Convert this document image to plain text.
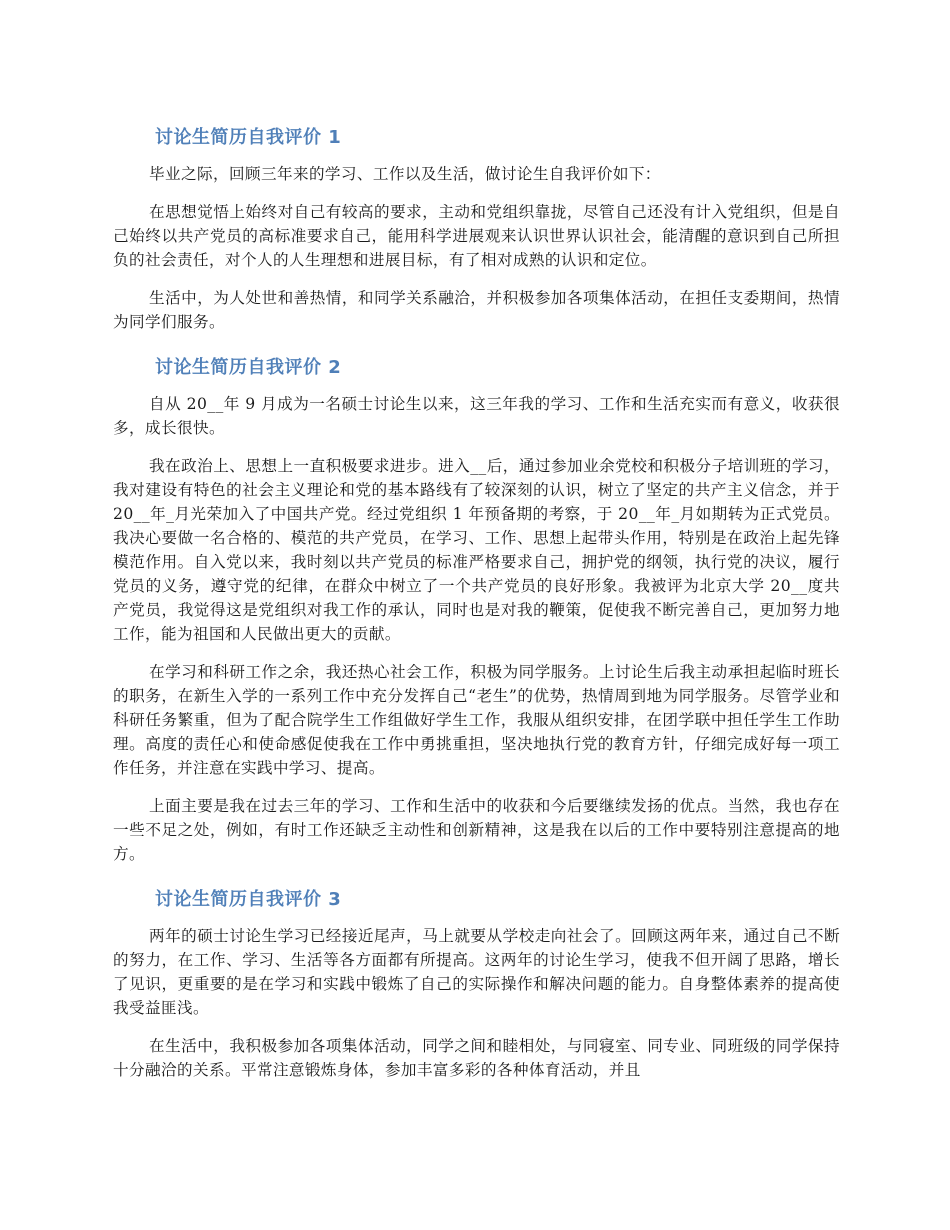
讨论生简历自我评价 1

毕业之际，回顾三年来的学习、工作以及生活，做讨论生自我评价如下：

在思想觉悟上始终对自己有较高的要求，主动和党组织靠拢，尽管自己还没有计入党组织，但是自己始终以共产党员的高标准要求自己，能用科学进展观来认识世界认识社会，能清醒的意识到自己所担负的社会责任，对个人的人生理想和进展目标，有了相对成熟的认识和定位。

生活中，为人处世和善热情，和同学关系融洽，并积极参加各项集体活动，在担任支委期间，热情为同学们服务。

讨论生简历自我评价 2

自从 20__年 9 月成为一名硕士讨论生以来，这三年我的学习、工作和生活充实而有意义，收获很多，成长很快。

我在政治上、思想上一直积极要求进步。进入__后，通过参加业余党校和积极分子培训班的学习，我对建设有特色的社会主义理论和党的基本路线有了较深刻的认识，树立了坚定的共产主义信念，并于 20__年_月光荣加入了中国共产党。经过党组织 1 年预备期的考察，于 20__年_月如期转为正式党员。我决心要做一名合格的、模范的共产党员，在学习、工作、思想上起带头作用，特别是在政治上起先锋模范作用。自入党以来，我时刻以共产党员的标准严格要求自己，拥护党的纲领，执行党的决议，履行党员的义务，遵守党的纪律，在群众中树立了一个共产党员的良好形象。我被评为北京大学 20__度共产党员，我觉得这是党组织对我工作的承认，同时也是对我的鞭策，促使我不断完善自己，更加努力地工作，能为祖国和人民做出更大的贡献。

在学习和科研工作之余，我还热心社会工作，积极为同学服务。上讨论生后我主动承担起临时班长的职务，在新生入学的一系列工作中充分发挥自己“老生”的优势，热情周到地为同学服务。尽管学业和科研任务繁重，但为了配合院学生工作组做好学生工作，我服从组织安排，在团学联中担任学生工作助理。高度的责任心和使命感促使我在工作中勇挑重担，坚决地执行党的教育方针，仔细完成好每一项工作任务，并注意在实践中学习、提高。

上面主要是我在过去三年的学习、工作和生活中的收获和今后要继续发扬的优点。当然，我也存在一些不足之处，例如，有时工作还缺乏主动性和创新精神，这是我在以后的工作中要特别注意提高的地方。

讨论生简历自我评价 3

两年的硕士讨论生学习已经接近尾声，马上就要从学校走向社会了。回顾这两年来，通过自己不断的努力，在工作、学习、生活等各方面都有所提高。这两年的讨论生学习，使我不但开阔了思路，增长了见识，更重要的是在学习和实践中锻炼了自己的实际操作和解决问题的能力。自身整体素养的提高使我受益匪浅。

在生活中，我积极参加各项集体活动，同学之间和睦相处，与同寝室、同专业、同班级的同学保持十分融洽的关系。平常注意锻炼身体，参加丰富多彩的各种体育活动，并且
